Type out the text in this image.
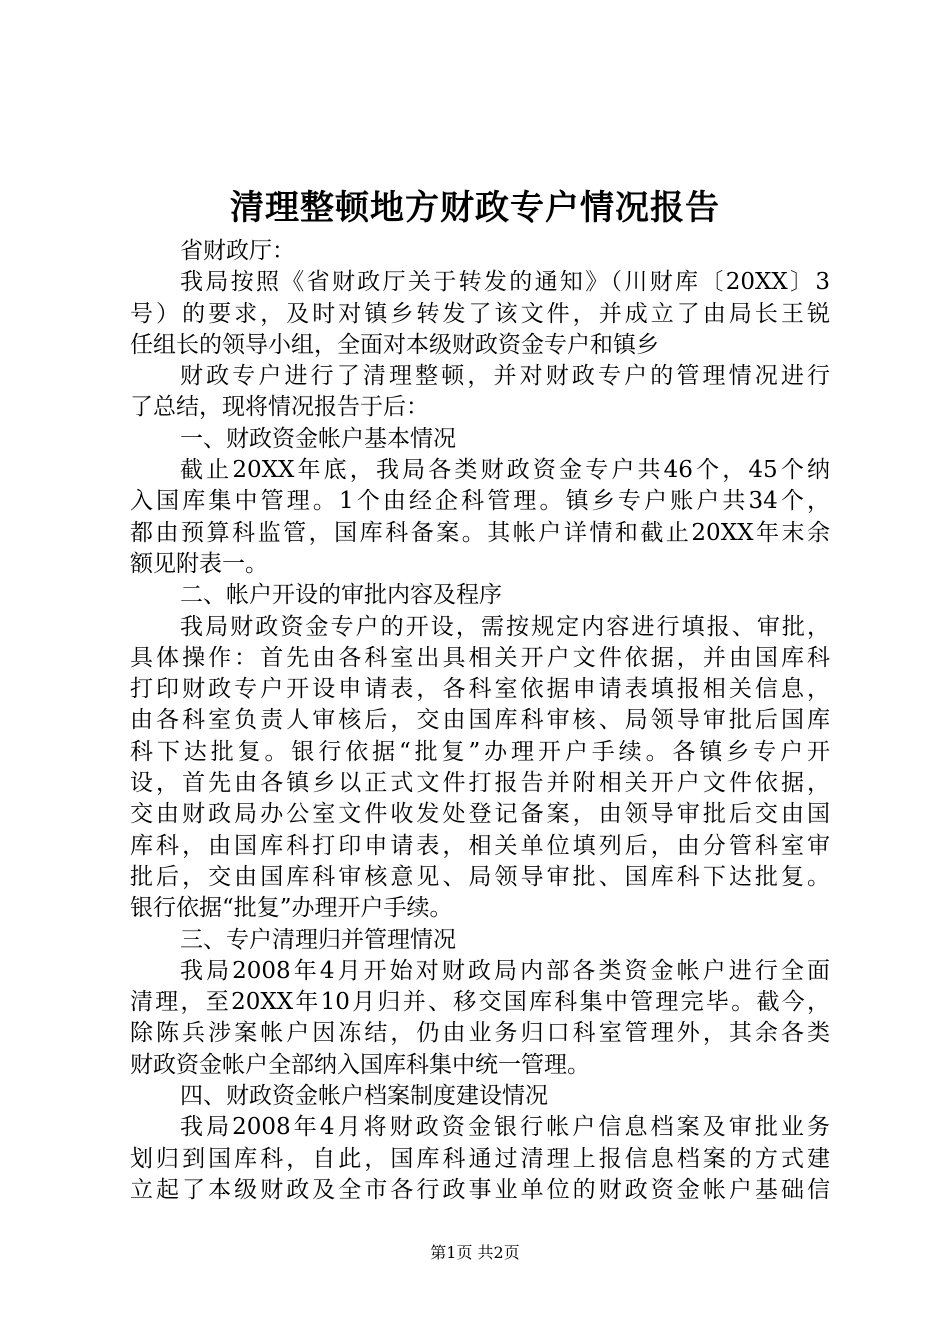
清理整顿地方财政专户情况报告

省财政厅：

我局按照《省财政厅关于转发的通知》（川财库〔20XX〕3

号）的要求，及时对镇乡转发了该文件，并成立了由局长王锐

任组长的领导小组，全面对本级财政资金专户和镇乡

财政专户进行了清理整顿，并对财政专户的管理情况进行

了总结，现将情况报告于后：

一、财政资金帐户基本情况

截止20XX年底，我局各类财政资金专户共46个，45个纳

入国库集中管理。1个由经企科管理。镇乡专户账户共34个，

都由预算科监管，国库科备案。其帐户详情和截止20XX年末余

额见附表一。

二、帐户开设的审批内容及程序

我局财政资金专户的开设，需按规定内容进行填报、审批，

具体操作：首先由各科室出具相关开户文件依据，并由国库科

打印财政专户开设申请表，各科室依据申请表填报相关信息，

由各科室负责人审核后，交由国库科审核、局领导审批后国库

科下达批复。银行依据“批复”办理开户手续。各镇乡专户开

设，首先由各镇乡以正式文件打报告并附相关开户文件依据，

交由财政局办公室文件收发处登记备案，由领导审批后交由国

库科，由国库科打印申请表，相关单位填列后，由分管科室审

批后，交由国库科审核意见、局领导审批、国库科下达批复。

银行依据“批复”办理开户手续。

三、专户清理归并管理情况

我局2008年4月开始对财政局内部各类资金帐户进行全面

清理，至20XX年10月归并、移交国库科集中管理完毕。截今，

除陈兵涉案帐户因冻结，仍由业务归口科室管理外，其余各类

财政资金帐户全部纳入国库科集中统一管理。

四、财政资金帐户档案制度建设情况

我局2008年4月将财政资金银行帐户信息档案及审批业务

划归到国库科，自此，国库科通过清理上报信息档案的方式建

立起了本级财政及全市各行政事业单位的财政资金帐户基础信

第1页 共2页
